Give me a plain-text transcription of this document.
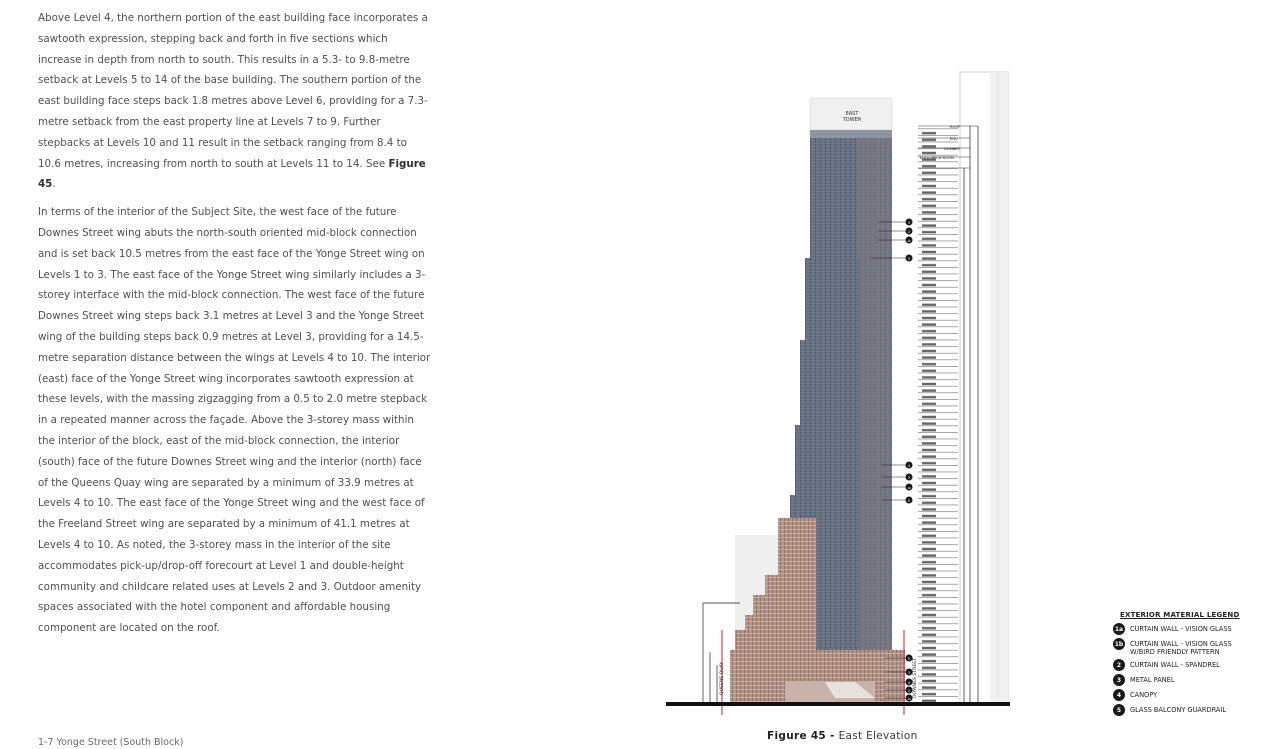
Above Level 4, the northern portion of the east building face incorporates a sawtooth expression, stepping back and forth in five sections which increase in depth from north to south. This results in a 5.3- to 9.8-metre setback at Levels 5 to 14 of the base building. The southern portion of the east building face steps back 1.8 metres above Level 6, providing for a 7.3-metre setback from the east property line at Levels 7 to 9. Further stepbacks at Levels 10 and 11 result in the setback ranging from 8.4 to 10.6 metres, increasing from north to south at Levels 11 to 14. See Figure 45.

In terms of the interior of the Subject Site, the west face of the future Downes Street wing abuts the north-south oriented mid-block connection and is set back 10.5 metres from the east face of the Yonge Street wing on Levels 1 to 3. The east face of the Yonge Street wing similarly includes a 3-storey interface with the mid-block connection. The west face of the future Downes Street wing steps back 3.1 metres at Level 3 and the Yonge Street wing of the building steps back 0.9 metres at Level 3, providing for a 14.5-metre separation distance between the wings at Levels 4 to 10. The interior (east) face of the Yonge Street wing incorporates sawtooth expression at these levels, with the massing zigzagging from a 0.5 to 2.0 metre stepback in a repeated manner across the façade. Above the 3-storey mass within the interior of the block, east of the mid-block connection, the interior (south) face of the future Downes Street wing and the interior (north) face of the Queens Quay wing are separated by a minimum of 33.9 metres at Levels 4 to 10. The east face of the Yonge Street wing and the west face of the Freeland Street wing are separated by a minimum of 41.1 metres at Levels 4 to 10. As noted, the 3-storey mass in the interior of the site accommodates pick-up/drop-off forecourt at Level 1 and double-height community and childcare related uses at Levels 2 and 3. Outdoor amenity spaces associated with the hotel component and affordable housing component are located on the roof.

1-7 Yonge Street (South Block)
EAST
TOWER
QUEENS QUAY
ROOF
EHU
CLIMBER
ELEV. MECH ROOM
3
2
1b
5
4
3
1b
5
5
3
4
2
1a
DOWNES STREET
Figure 45 - East Elevation
EXTERIOR MATERIAL LEGEND
1a CURTAIN WALL - VISION GLASS
1b CURTAIN WALL - VISION GLASS W/BIRD FRIENDLY PATTERN
2	CURTAIN WALL - SPANDREL
3	METAL PANEL
4	CANOPY
5	GLASS BALCONY GUARDRAIL
